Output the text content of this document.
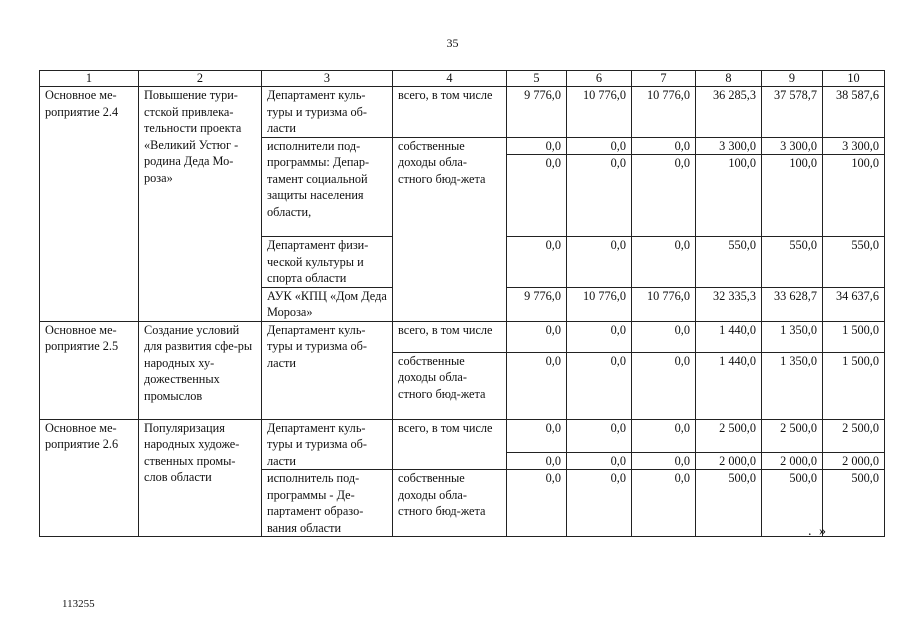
35
1	2	3	4	5	6	7	8	9	10
Основное ме-роприятие 2.4	Повышение тури-стской привлека-тельности проекта «Великий Устюг - родина Деда Мо-роза»	Департамент куль-туры и туризма об-ласти	всего, в том числе	9 776,0	10 776,0	10 776,0	36 285,3	37 578,7	38 587,6

		исполнители под-программы: Депар-тамент социальной защиты населения области,	собственные доходы обла-стного бюд-жета	0,0	0,0	0,0	3 300,0	3 300,0	3 300,0
				0,0	0,0	0,0	100,0	100,0	100,0
		Департамент физи-ческой культуры и спорта области		0,0	0,0	0,0	550,0	550,0	550,0
		АУК «КПЦ «Дом Деда Мороза»		9 776,0	10 776,0	10 776,0	32 335,3	33 628,7	34 637,6
Основное ме-роприятие 2.5	Создание условий для развития сфе-ры народных ху-дожественных промыслов	Департамент куль-туры и туризма об-ласти	всего, в том числе	0,0	0,0	0,0	1 440,0	1 350,0	1 500,0
			собственные доходы обла-стного бюд-жета	0,0	0,0	0,0	1 440,0	1 350,0	1 500,0
Основное ме-роприятие 2.6	Популяризация народных художе-ственных промы-слов области	Департамент куль-туры и туризма об-ласти	всего, в том числе	0,0	0,0	0,0	2 500,0	2 500,0	2 500,0
				0,0	0,0	0,0	2 000,0	2 000,0	2 000,0
		исполнитель под-программы - Де-партамент образо-вания области	собственные доходы обла-стного бюд-жета	0,0	0,0	0,0	500,0	500,0	500,0
. »
113255
